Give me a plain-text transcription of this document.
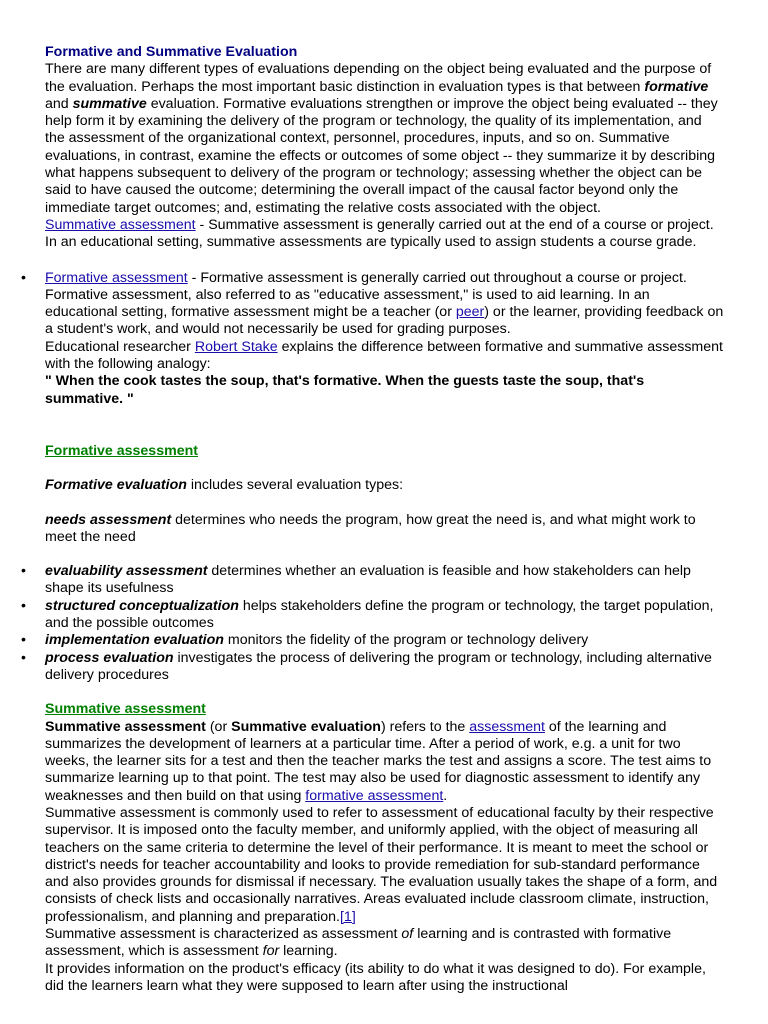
Formative and Summative Evaluation

There are many different types of evaluations depending on the object being evaluated and the purpose of the evaluation. Perhaps the most important basic distinction in evaluation types is that between formative and summative evaluation. Formative evaluations strengthen or improve the object being evaluated -- they help form it by examining the delivery of the program or technology, the quality of its implementation, and the assessment of the organizational context, personnel, procedures, inputs, and so on. Summative evaluations, in contrast, examine the effects or outcomes of some object -- they summarize it by describing what happens subsequent to delivery of the program or technology; assessing whether the object can be said to have caused the outcome; determining the overall impact of the causal factor beyond only the immediate target outcomes; and, estimating the relative costs associated with the object.

Summative assessment - Summative assessment is generally carried out at the end of a course or project. In an educational setting, summative assessments are typically used to assign students a course grade.

• Formative assessment - Formative assessment is generally carried out throughout a course or project. Formative assessment, also referred to as "educative assessment," is used to aid learning. In an educational setting, formative assessment might be a teacher (or peer) or the learner, providing feedback on a student's work, and would not necessarily be used for grading purposes.

Educational researcher Robert Stake explains the difference between formative and summative assessment with the following analogy:

" When the cook tastes the soup, that's formative. When the guests taste the soup, that's summative. "

Formative assessment

Formative evaluation includes several evaluation types:

needs assessment determines who needs the program, how great the need is, and what might work to meet the need

• evaluability assessment determines whether an evaluation is feasible and how stakeholders can help shape its usefulness
• structured conceptualization helps stakeholders define the program or technology, the target population, and the possible outcomes
• implementation evaluation monitors the fidelity of the program or technology delivery
• process evaluation investigates the process of delivering the program or technology, including alternative delivery procedures

Summative assessment

Summative assessment (or Summative evaluation) refers to the assessment of the learning and summarizes the development of learners at a particular time. After a period of work, e.g. a unit for two weeks, the learner sits for a test and then the teacher marks the test and assigns a score. The test aims to summarize learning up to that point. The test may also be used for diagnostic assessment to identify any weaknesses and then build on that using formative assessment.

Summative assessment is commonly used to refer to assessment of educational faculty by their respective supervisor. It is imposed onto the faculty member, and uniformly applied, with the object of measuring all teachers on the same criteria to determine the level of their performance. It is meant to meet the school or district's needs for teacher accountability and looks to provide remediation for sub-standard performance and also provides grounds for dismissal if necessary. The evaluation usually takes the shape of a form, and consists of check lists and occasionally narratives. Areas evaluated include classroom climate, instruction, professionalism, and planning and preparation.[1]

Summative assessment is characterized as assessment of learning and is contrasted with formative assessment, which is assessment for learning.

It provides information on the product's efficacy (its ability to do what it was designed to do). For example, did the learners learn what they were supposed to learn after using the instructional
